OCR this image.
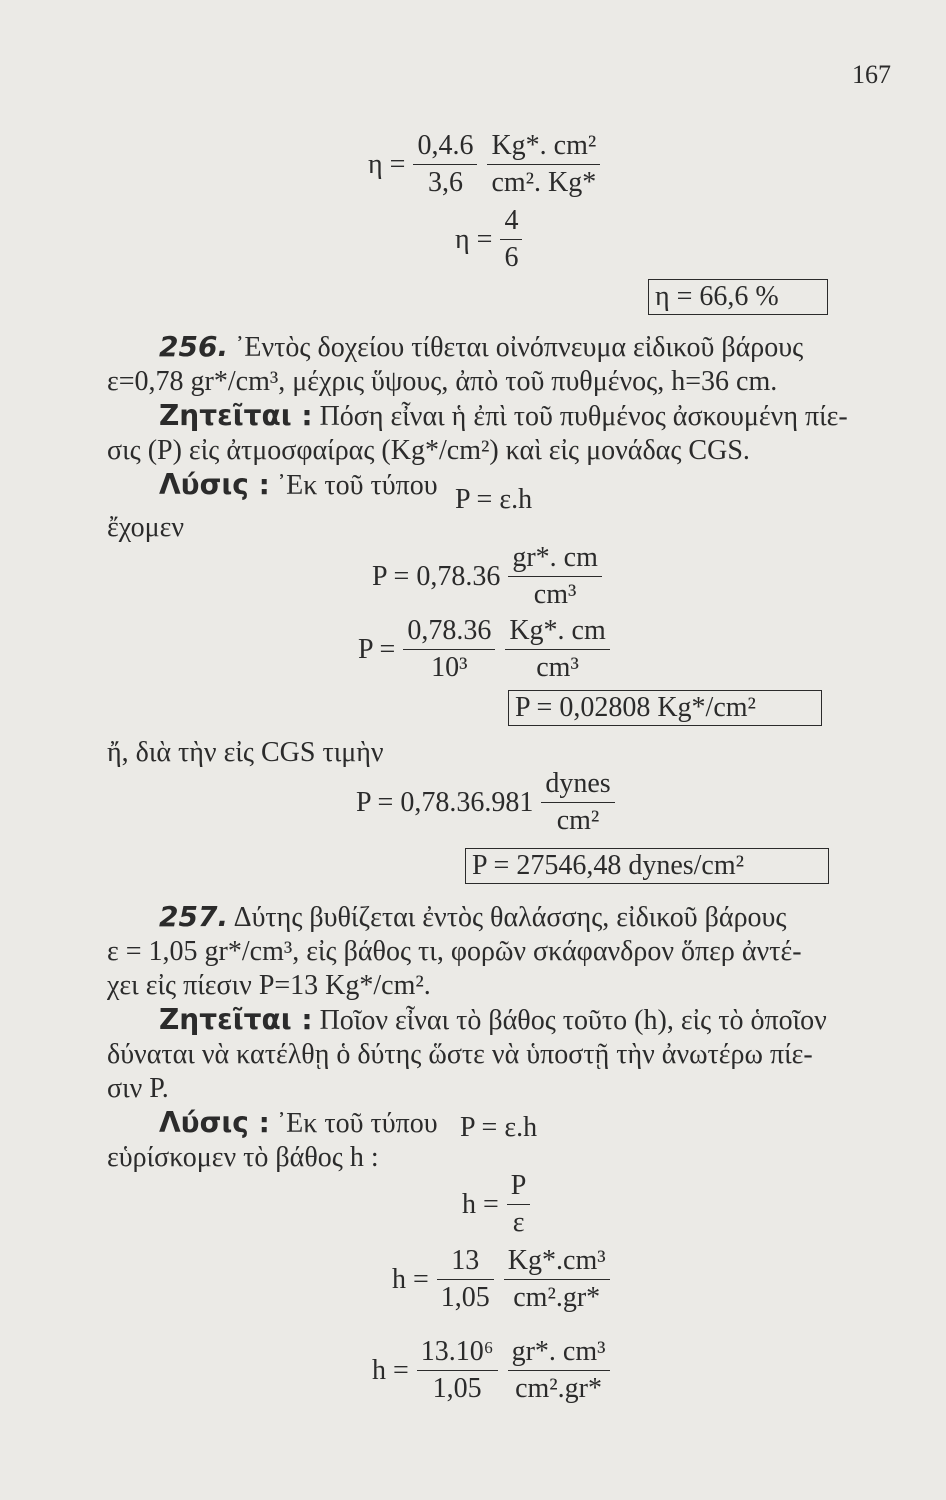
167
$\eta = \frac{0,4.6}{3,6} \frac{\text{Kg*. cm²}}{\text{cm². Kg*}}$
$\eta = \frac{4}{6}$
η = 66,6 %
256. ᾿Εντὸς δοχείου τίθεται οἰνόπνευμα εἰδικοῦ βάρους
ε=0,78 gr*/cm³, μέχρις ὕψους, ἀπὸ τοῦ πυθμένος, h=36 cm.
Ζητεῖται : Πόση εἶναι ἡ ἐπὶ τοῦ πυθμένος ἀσκουμένη πίε-
σις (P) εἰς ἀτμοσφαίρας (Kg*/cm²) καὶ εἰς μονάδας CGS.
Λύσις : ᾿Εκ τοῦ τύπου P = ε.h
ἔχομεν
$P = 0,78.36 \frac{gr*. cm}{\text{cm³}}$
$P = \frac{0,78.36}{\text{10³}} \frac{Kg*. cm}{\text{cm³}}$
P = 0,02808 Kg*/cm²
ἤ, διὰ τὴν εἰς CGS τιμὴν
$P = 0,78.36.981 \frac{\text{dynes}}{\text{cm²}}$
P = 27546,48 dynes/cm²
257. Δύτης βυθίζεται ἐντὸς θαλάσσης, εἰδικοῦ βάρους
ε = 1,05 gr*/cm³, εἰς βάθος τι, φορῶν σκάφανδρον ὅπερ ἀντέ-
χει εἰς πίεσιν P=13 Kg*/cm².
Ζητεῖται : Ποῖον εἶναι τὸ βάθος τοῦτο (h), εἰς τὸ ὁποῖον
δύναται νὰ κατέλθῃ ὁ δύτης ὥστε νὰ ὑποστῇ τὴν ἀνωτέρω πίε-
σιν P.
Λύσις : ᾿Εκ τοῦ τύπου P = ε.h
εὑρίσκομεν τὸ βάθος h :
$h = \frac{P}{\varepsilon}$
$h = \frac{13}{1,05} \frac{\text{Kg*.cm³}}{\text{cm².gr*}}$
$h = \frac{\text{13.10⁶}}{1,05} \frac{\text{gr*. cm³}}{\text{cm².gr*}}$
